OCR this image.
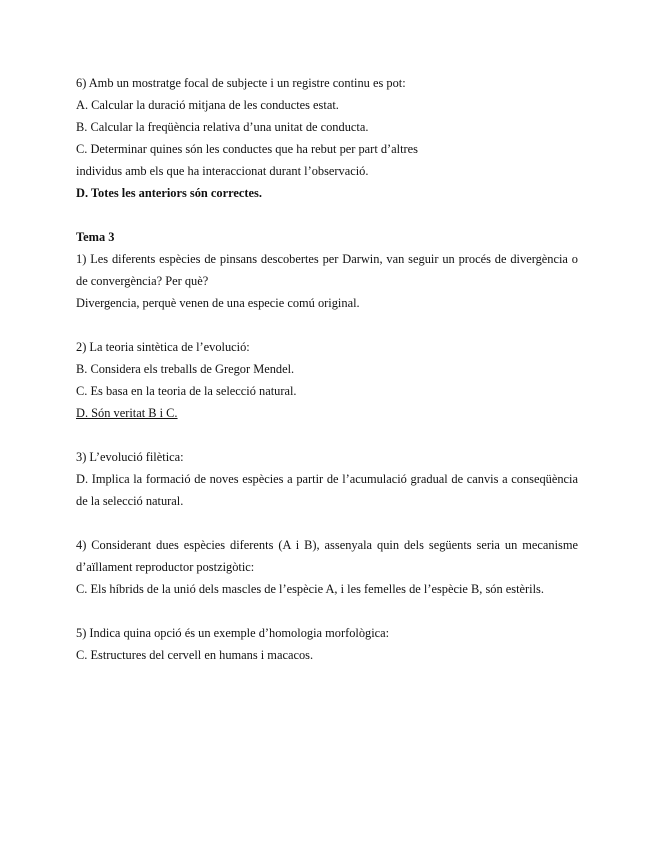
6) Amb un mostratge focal de subjecte i un registre continu es pot:

A. Calcular la duració mitjana de les conductes estat.

B. Calcular la freqüència relativa d’una unitat de conducta.

C. Determinar quines són les conductes que ha rebut per part d’altres

individus amb els que ha interaccionat durant l’observació.

D. Totes les anteriors són correctes.

Tema 3

1) Les diferents espècies de pinsans descobertes per Darwin, van seguir un procés de divergència o de convergència? Per què?

Divergencia, perquè venen de una especie comú original.

2) La teoria sintètica de l’evolució:

B. Considera els treballs de Gregor Mendel.

C. Es basa en la teoria de la selecció natural.

D. Són veritat B i C.

3) L’evolució filètica:

D. Implica la formació de noves espècies a partir de l’acumulació gradual de canvis a conseqüència de la selecció natural.

4) Considerant dues espècies diferents (A i B), assenyala quin dels següents seria un mecanisme d’aïllament reproductor postzigòtic:

C. Els híbrids de la unió dels mascles de l’espècie A, i les femelles de l’espècie B, són estèrils.

5) Indica quina opció és un exemple d’homologia morfològica:

C. Estructures del cervell en humans i macacos.
